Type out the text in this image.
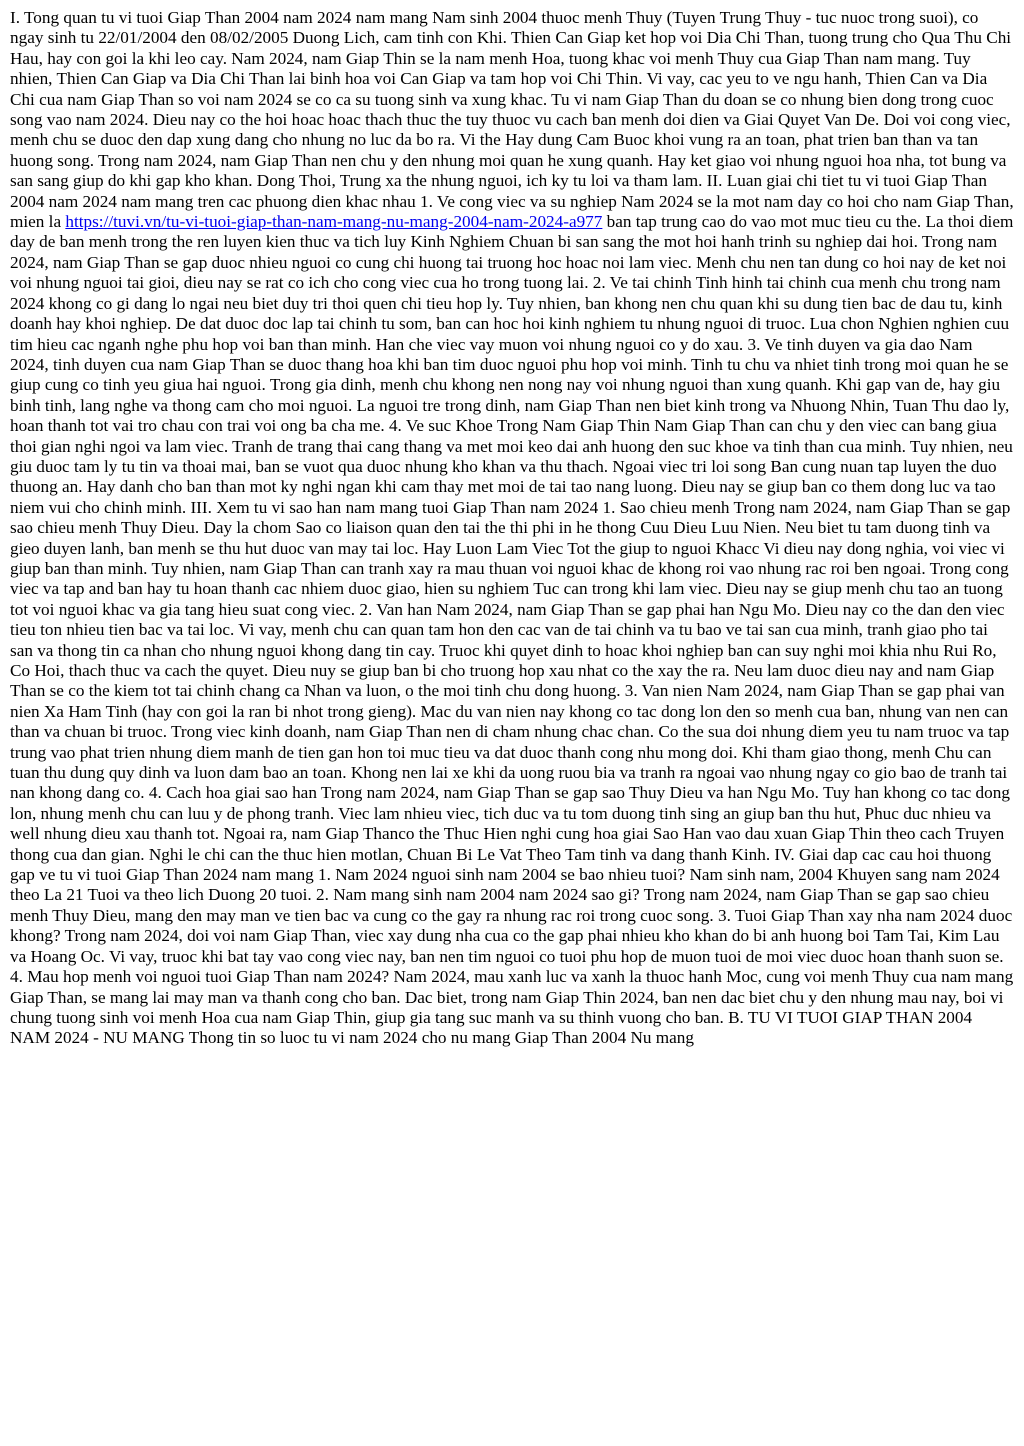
I. Tong quan tu vi tuoi Giap Than 2004 nam 2024 nam mang Nam sinh 2004 thuoc menh Thuy (Tuyen Trung Thuy - tuc nuoc trong suoi), co ngay sinh tu 22/01/2004 den 08/02/2005 Duong Lich, cam tinh con Khi. Thien Can Giap ket hop voi Dia Chi Than, tuong trung cho Qua Thu Chi Hau, hay con goi la khi leo cay. Nam 2024, nam Giap Thin se la nam menh Hoa, tuong khac voi menh Thuy cua Giap Than nam mang. Tuy nhien, Thien Can Giap va Dia Chi Than lai binh hoa voi Can Giap va tam hop voi Chi Thin. Vi vay, cac yeu to ve ngu hanh, Thien Can va Dia Chi cua nam Giap Than so voi nam 2024 se co ca su tuong sinh va xung khac. Tu vi nam Giap Than du doan se co nhung bien dong trong cuoc song vao nam 2024. Dieu nay co the hoi hoac hoac thach thuc the tuy thuoc vu cach ban menh doi dien va Giai Quyet Van De. Doi voi cong viec, menh chu se duoc den dap xung dang cho nhung no luc da bo ra. Vi the Hay dung Cam Buoc khoi vung ra an toan, phat trien ban than va tan huong song. Trong nam 2024, nam Giap Than nen chu y den nhung moi quan he xung quanh. Hay ket giao voi nhung nguoi hoa nha, tot bung va san sang giup do khi gap kho khan. Dong Thoi, Trung xa the nhung nguoi, ich ky tu loi va tham lam. II. Luan giai chi tiet tu vi tuoi Giap Than 2004 nam 2024 nam mang tren cac phuong dien khac nhau 1. Ve cong viec va su nghiep Nam 2024 se la mot nam day co hoi cho nam Giap Than, mien la https://tuvi.vn/tu-vi-tuoi-giap-than-nam-mang-nu-mang-2004-nam-2024-a977 ban tap trung cao do vao mot muc tieu cu the. La thoi diem day de ban menh trong the ren luyen kien thuc va tich luy Kinh Nghiem Chuan bi san sang the mot hoi hanh trinh su nghiep dai hoi. Trong nam 2024, nam Giap Than se gap duoc nhieu nguoi co cung chi huong tai truong hoc hoac noi lam viec. Menh chu nen tan dung co hoi nay de ket noi voi nhung nguoi tai gioi, dieu nay se rat co ich cho cong viec cua ho trong tuong lai. 2. Ve tai chinh Tinh hinh tai chinh cua menh chu trong nam 2024 khong co gi dang lo ngai neu biet duy tri thoi quen chi tieu hop ly. Tuy nhien, ban khong nen chu quan khi su dung tien bac de dau tu, kinh doanh hay khoi nghiep. De dat duoc doc lap tai chinh tu som, ban can hoc hoi kinh nghiem tu nhung nguoi di truoc. Lua chon Nghien nghien cuu tim hieu cac nganh nghe phu hop voi ban than minh. Han che viec vay muon voi nhung nguoi co y do xau. 3. Ve tinh duyen va gia dao Nam 2024, tinh duyen cua nam Giap Than se duoc thang hoa khi ban tim duoc nguoi phu hop voi minh. Tinh tu chu va nhiet tinh trong moi quan he se giup cung co tinh yeu giua hai nguoi. Trong gia dinh, menh chu khong nen nong nay voi nhung nguoi than xung quanh. Khi gap van de, hay giu binh tinh, lang nghe va thong cam cho moi nguoi. La nguoi tre trong dinh, nam Giap Than nen biet kinh trong va Nhuong Nhin, Tuan Thu dao ly, hoan thanh tot vai tro chau con trai voi ong ba cha me. 4. Ve suc Khoe Trong Nam Giap Thin Nam Giap Than can chu y den viec can bang giua thoi gian nghi ngoi va lam viec. Tranh de trang thai cang thang va met moi keo dai anh huong den suc khoe va tinh than cua minh. Tuy nhien, neu giu duoc tam ly tu tin va thoai mai, ban se vuot qua duoc nhung kho khan va thu thach. Ngoai viec tri loi song Ban cung nuan tap luyen the duo thuong an. Hay danh cho ban than mot ky nghi ngan khi cam thay met moi de tai tao nang luong. Dieu nay se giup ban co them dong luc va tao niem vui cho chinh minh. III. Xem tu vi sao han nam mang tuoi Giap Than nam 2024 1. Sao chieu menh Trong nam 2024, nam Giap Than se gap sao chieu menh Thuy Dieu. Day la chom Sao co liaison quan den tai the thi phi in he thong Cuu Dieu Luu Nien. Neu biet tu tam duong tinh va gieo duyen lanh, ban menh se thu hut duoc van may tai loc. Hay Luon Lam Viec Tot the giup to nguoi Khacc Vi dieu nay dong nghia, voi viec vi giup ban than minh. Tuy nhien, nam Giap Than can tranh xay ra mau thuan voi nguoi khac de khong roi vao nhung rac roi ben ngoai. Trong cong viec va tap and ban hay tu hoan thanh cac nhiem duoc giao, hien su nghiem Tuc can trong khi lam viec. Dieu nay se giup menh chu tao an tuong tot voi nguoi khac va gia tang hieu suat cong viec. 2. Van han Nam 2024, nam Giap Than se gap phai han Ngu Mo. Dieu nay co the dan den viec tieu ton nhieu tien bac va tai loc. Vi vay, menh chu can quan tam hon den cac van de tai chinh va tu bao ve tai san cua minh, tranh giao pho tai san va thong tin ca nhan cho nhung nguoi khong dang tin cay. Truoc khi quyet dinh to hoac khoi nghiep ban can suy nghi moi khia nhu Rui Ro, Co Hoi, thach thuc va cach the quyet. Dieu nuy se giup ban bi cho truong hop xau nhat co the xay the ra. Neu lam duoc dieu nay and nam Giap Than se co the kiem tot tai chinh chang ca Nhan va luon, o the moi tinh chu dong huong. 3. Van nien Nam 2024, nam Giap Than se gap phai van nien Xa Ham Tinh (hay con goi la ran bi nhot trong gieng). Mac du van nien nay khong co tac dong lon den so menh cua ban, nhung van nen can than va chuan bi truoc. Trong viec kinh doanh, nam Giap Than nen di cham nhung chac chan. Co the sua doi nhung diem yeu tu nam truoc va tap trung vao phat trien nhung diem manh de tien gan hon toi muc tieu va dat duoc thanh cong nhu mong doi. Khi tham giao thong, menh Chu can tuan thu dung quy dinh va luon dam bao an toan. Khong nen lai xe khi da uong ruou bia va tranh ra ngoai vao nhung ngay co gio bao de tranh tai nan khong dang co. 4. Cach hoa giai sao han Trong nam 2024, nam Giap Than se gap sao Thuy Dieu va han Ngu Mo. Tuy han khong co tac dong lon, nhung menh chu can luu y de phong tranh. Viec lam nhieu viec, tich duc va tu tom duong tinh sing an giup ban thu hut, Phuc duc nhieu va well nhung dieu xau thanh tot. Ngoai ra, nam Giap Thanco the Thuc Hien nghi cung hoa giai Sao Han vao dau xuan Giap Thin theo cach Truyen thong cua dan gian. Nghi le chi can the thuc hien motlan, Chuan Bi Le Vat Theo Tam tinh va dang thanh Kinh. IV. Giai dap cac cau hoi thuong gap ve tu vi tuoi Giap Than 2024 nam mang 1. Nam 2024 nguoi sinh nam 2004 se bao nhieu tuoi? Nam sinh nam, 2004 Khuyen sang nam 2024 theo La 21 Tuoi va theo lich Duong 20 tuoi. 2. Nam mang sinh nam 2004 nam 2024 sao gi? Trong nam 2024, nam Giap Than se gap sao chieu menh Thuy Dieu, mang den may man ve tien bac va cung co the gay ra nhung rac roi trong cuoc song. 3. Tuoi Giap Than xay nha nam 2024 duoc khong? Trong nam 2024, doi voi nam Giap Than, viec xay dung nha cua co the gap phai nhieu kho khan do bi anh huong boi Tam Tai, Kim Lau va Hoang Oc. Vi vay, truoc khi bat tay vao cong viec nay, ban nen tim nguoi co tuoi phu hop de muon tuoi de moi viec duoc hoan thanh suon se. 4. Mau hop menh voi nguoi tuoi Giap Than nam 2024? Nam 2024, mau xanh luc va xanh la thuoc hanh Moc, cung voi menh Thuy cua nam mang Giap Than, se mang lai may man va thanh cong cho ban. Dac biet, trong nam Giap Thin 2024, ban nen dac biet chu y den nhung mau nay, boi vi chung tuong sinh voi menh Hoa cua nam Giap Thin, giup gia tang suc manh va su thinh vuong cho ban. B. TU VI TUOI GIAP THAN 2004 NAM 2024 - NU MANG Thong tin so luoc tu vi nam 2024 cho nu mang Giap Than 2004 Nu mang
